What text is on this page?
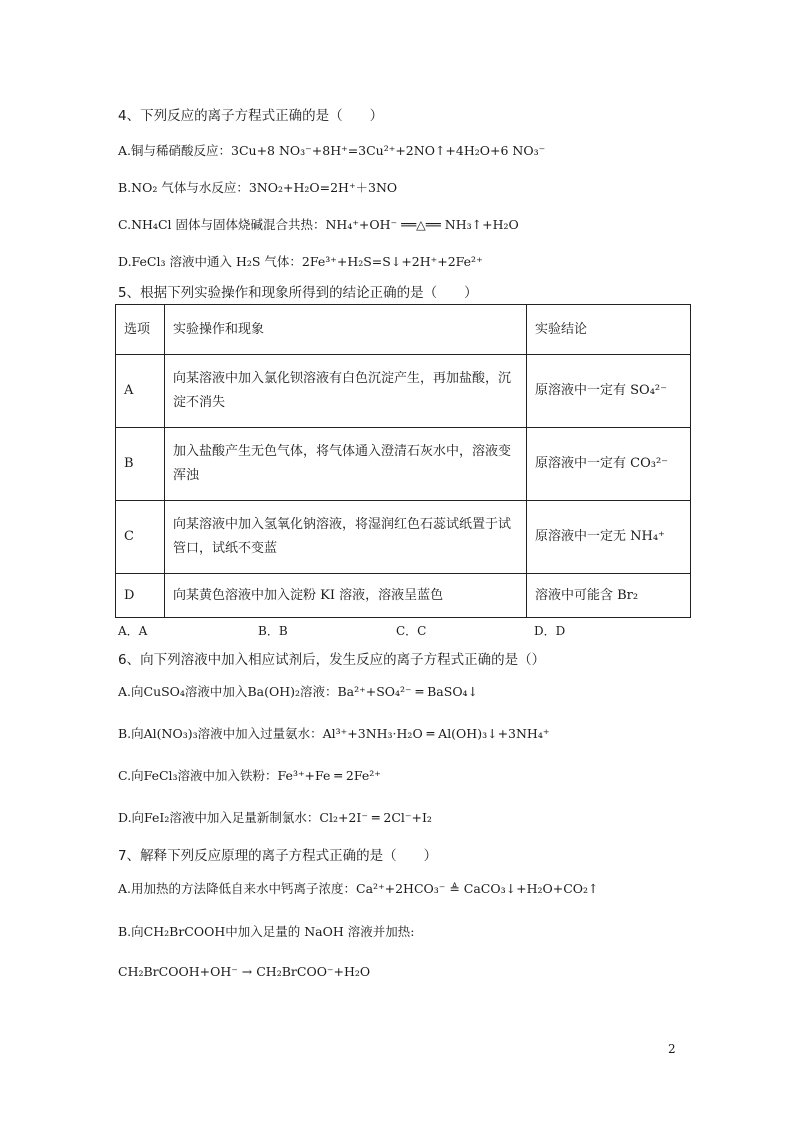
4、下列反应的离子方程式正确的是（　　）
A.铜与稀硝酸反应：3Cu+8 NO₃⁻+8H⁺=3Cu²⁺+2NO↑+4H₂O+6 NO₃⁻
B.NO₂ 气体与水反应：3NO₂+H₂O=2H⁺＋3NO
C.NH₄Cl 固体与固体烧碱混合共热：NH₄⁺+OH⁻ ══△══ NH₃↑+H₂O
D.FeCl₃ 溶液中通入 H₂S 气体：2Fe³⁺+H₂S=S↓+2H⁺+2Fe²⁺
5、根据下列实验操作和现象所得到的结论正确的是（　　）
选项	实验操作和现象	实验结论
A	向某溶液中加入氯化钡溶液有白色沉淀产生，再加盐酸，沉淀不消失	原溶液中一定有 SO₄²⁻
B	加入盐酸产生无色气体，将气体通入澄清石灰水中，溶液变浑浊	原溶液中一定有 CO₃²⁻
C	向某溶液中加入氢氧化钠溶液，将湿润红色石蕊试纸置于试管口，试纸不变蓝	原溶液中一定无 NH₄⁺
D	向某黄色溶液中加入淀粉 KI 溶液，溶液呈蓝色	溶液中可能含 Br₂
A．A	B．B	C．C	D．D
6、向下列溶液中加入相应试剂后，发生反应的离子方程式正确的是（）
A.向CuSO₄溶液中加入Ba(OH)₂溶液：Ba²⁺+SO₄²⁻ ═ BaSO₄↓
B.向Al(NO₃)₃溶液中加入过量氨水：Al³⁺+3NH₃·H₂O ═ Al(OH)₃↓+3NH₄⁺
C.向FeCl₃溶液中加入铁粉：Fe³⁺+Fe ═ 2Fe²⁺
D.向FeI₂溶液中加入足量新制氯水：Cl₂+2I⁻ ═ 2Cl⁻+I₂
7、解释下列反应原理的离子方程式正确的是（　　）
A.用加热的方法降低自来水中钙离子浓度：Ca²⁺+2HCO₃⁻ ≜ CaCO₃↓+H₂O+CO₂↑
B.向CH₂BrCOOH中加入足量的 NaOH 溶液并加热:
CH₂BrCOOH+OH⁻ → CH₂BrCOO⁻+H₂O
2
